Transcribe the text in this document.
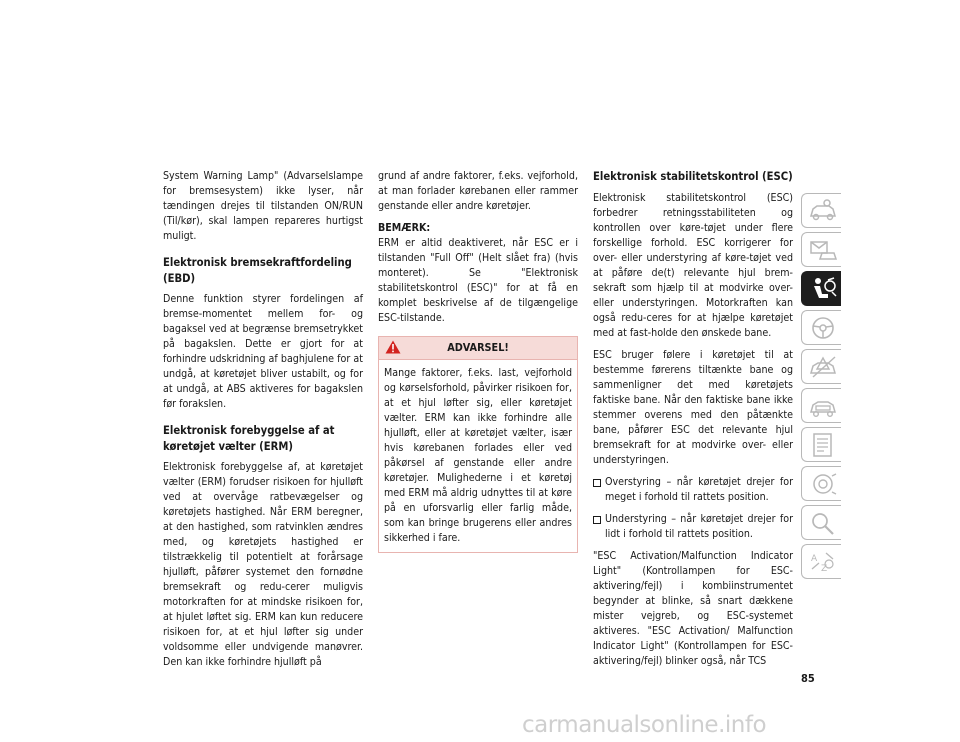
System Warning Lamp" (Advarselslampe for bremsesystem) ikke lyser, når tændingen drejes til tilstanden ON/RUN (Til/kør), skal lampen repareres hurtigst muligt.

Elektronisk bremsekraftfordeling (EBD)

Denne funktion styrer fordelingen af bremse-momentet mellem for- og bagaksel ved at begrænse bremsetrykket på bagakslen. Dette er gjort for at forhindre udskridning af baghjulene for at undgå, at køretøjet bliver ustabilt, og for at undgå, at ABS aktiveres for bagakslen før forakslen.

Elektronisk forebyggelse af at køretøjet vælter (ERM)

Elektronisk forebyggelse af, at køretøjet vælter (ERM) forudser risikoen for hjulløft ved at overvåge ratbevægelser og køretøjets hastighed. Når ERM beregner, at den hastighed, som ratvinklen ændres med, og køretøjets hastighed er tilstrækkelig til potentielt at forårsage hjulløft, påfører systemet den fornødne bremsekraft og redu-cerer muligvis motorkraften for at mindske risikoen for, at hjulet løftet sig. ERM kan kun reducere risikoen for, at et hjul løfter sig under voldsomme eller undvigende manøvrer. Den kan ikke forhindre hjulløft på

grund af andre faktorer, f.eks. vejforhold, at man forlader kørebanen eller rammer genstande eller andre køretøjer.

BEMÆRK:
ERM er altid deaktiveret, når ESC er i tilstanden "Full Off" (Helt slået fra) (hvis monteret). Se "Elektronisk stabilitetskontrol (ESC)" for at få en komplet beskrivelse af de tilgængelige ESC-tilstande.

ADVARSEL!

Mange faktorer, f.eks. last, vejforhold og kørselsforhold, påvirker risikoen for, at et hjul løfter sig, eller køretøjet vælter. ERM kan ikke forhindre alle hjulløft, eller at køretøjet vælter, især hvis kørebanen forlades eller ved påkørsel af genstande eller andre køretøjer. Mulighederne i et køretøj med ERM må aldrig udnyttes til at køre på en uforsvarlig eller farlig måde, som kan bringe brugerens eller andres sikkerhed i fare.

Elektronisk stabilitetskontrol (ESC)

Elektronisk stabilitetskontrol (ESC) forbedrer retningsstabiliteten og kontrollen over køre-tøjet under flere forskellige forhold. ESC korrigerer for over- eller understyring af køre-tøjet ved at påføre de(t) relevante hjul brem-sekraft som hjælp til at modvirke over- eller understyringen. Motorkraften kan også redu-ceres for at hjælpe køretøjet med at fast-holde den ønskede bane.

ESC bruger følere i køretøjet til at bestemme førerens tiltænkte bane og sammenligner det med køretøjets faktiske bane. Når den faktiske bane ikke stemmer overens med den påtænkte bane, påfører ESC det relevante hjul bremsekraft for at modvirke over- eller understyringen.

Overstyring – når køretøjet drejer for meget i forhold til rattets position.
Understyring – når køretøjet drejer for lidt i forhold til rattets position.

"ESC Activation/Malfunction Indicator Light" (Kontrollampen for ESC-aktivering/fejl) i kombiinstrumentet begynder at blinke, så snart dækkene mister vejgreb, og ESC-systemet aktiveres. "ESC Activation/ Malfunction Indicator Light" (Kontrollampen for ESC-aktivering/fejl) blinker også, når TCS

85
A
Z
carmanualsonline.info
